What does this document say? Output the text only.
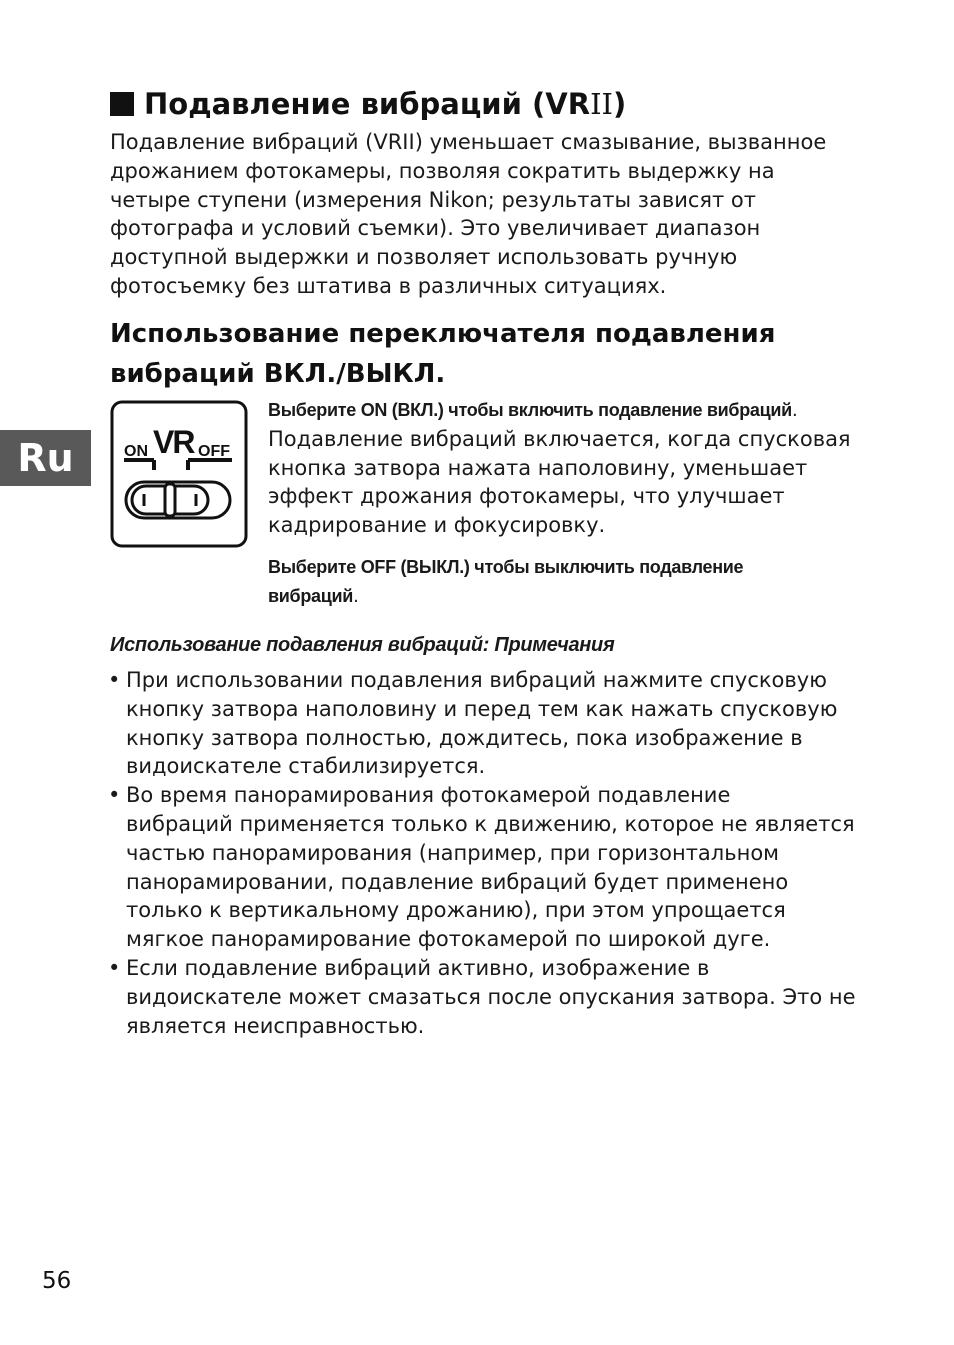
Подавление вибраций (VRII)

Подавление вибраций (VRII) уменьшает смазывание, вызванное

дрожанием фотокамеры, позволяя сократить выдержку на

четыре ступени (измерения Nikon; результаты зависят от

фотографа и условий съемки). Это увеличивает диапазон

доступной выдержки и позволяет использовать ручную

фотосъемку без штатива в различных ситуациях.

Использование переключателя подавления
вибраций ВКЛ./ВЫКЛ.
ON VR OFF
Выберите ON (ВКЛ.) чтобы включить подавление вибраций.
Подавление вибраций включается, когда спусковая
кнопка затвора нажата наполовину, уменьшает
эффект дрожания фотокамеры, что улучшает
кадрирование и фокусировку.
Выберите OFF (ВЫКЛ.) чтобы выключить подавление
вибраций.
Использование подавления вибраций: Примечания
• При использовании подавления вибраций нажмите спусковую
кнопку затвора наполовину и перед тем как нажать спусковую
кнопку затвора полностью, дождитесь, пока изображение в
видоискателе стабилизируется.
• Во время панорамирования фотокамерой подавление
вибраций применяется только к движению, которое не является
частью панорамирования (например, при горизонтальном
панорамировании, подавление вибраций будет применено
только к вертикальному дрожанию), при этом упрощается
мягкое панорамирование фотокамерой по широкой дуге.
• Если подавление вибраций активно, изображение в
видоискателе может смазаться после опускания затвора. Это не
является неисправностью.
Ru
56
